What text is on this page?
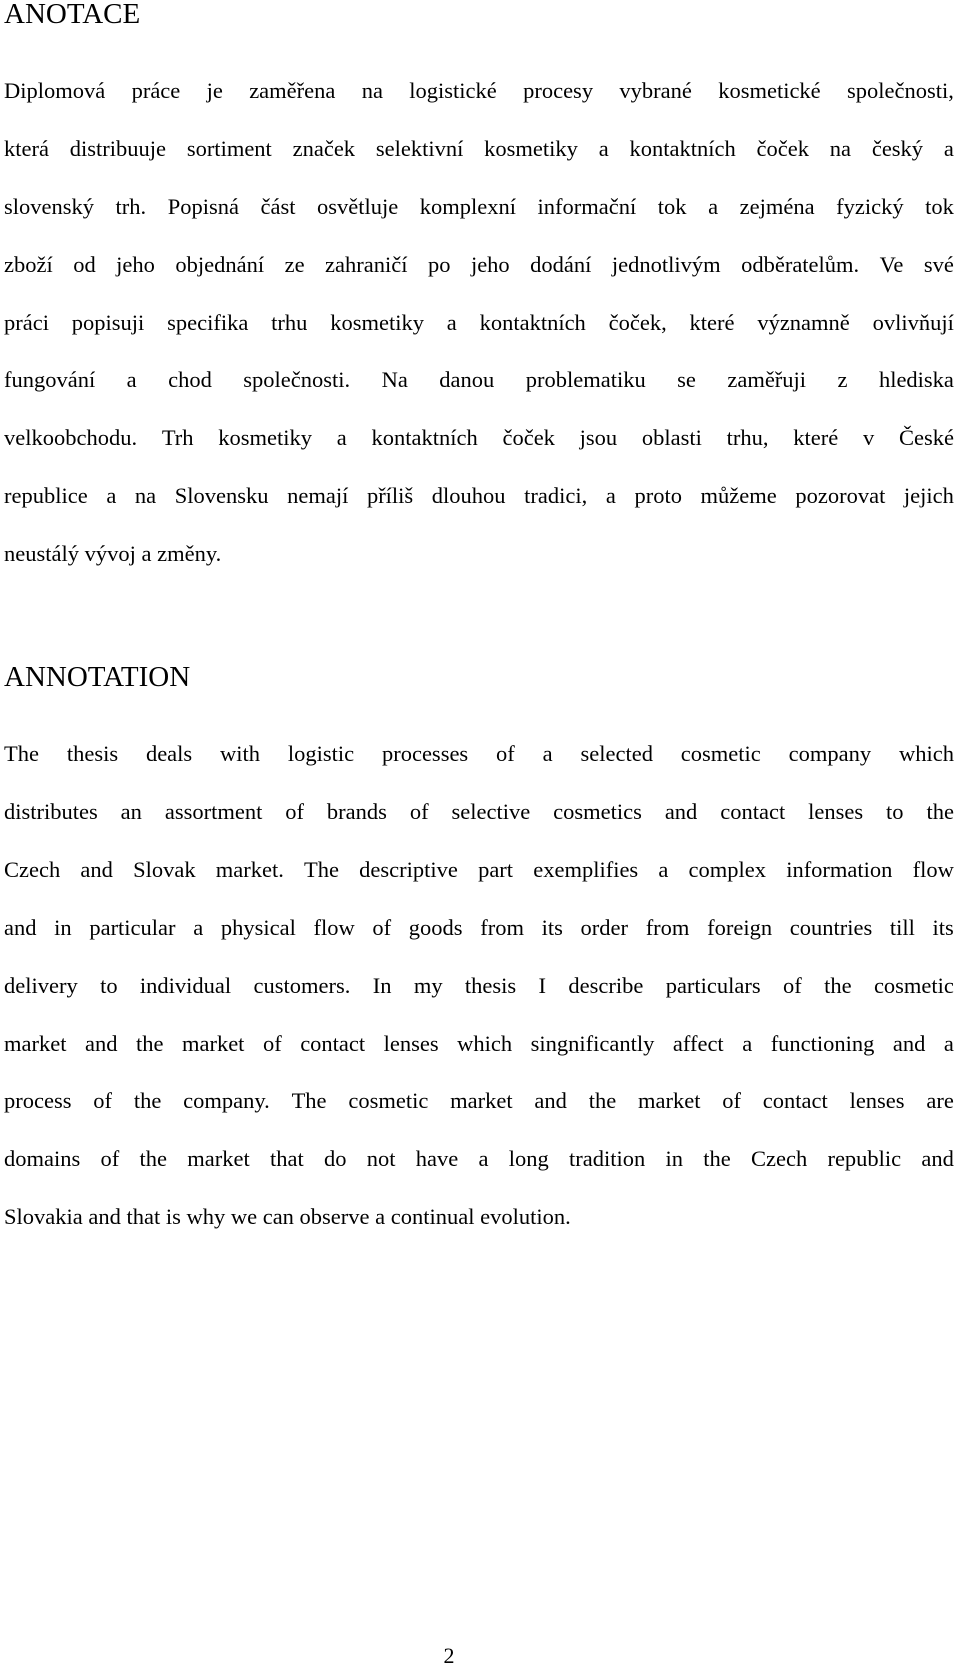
ANOTACE
Diplomová práce je zaměřena na logistické procesy vybrané kosmetické společnosti,
která distribuuje sortiment značek selektivní kosmetiky a kontaktních čoček na český a
slovenský trh. Popisná část osvětluje komplexní informační tok a zejména fyzický tok
zboží od jeho objednání ze zahraničí po jeho dodání jednotlivým odběratelům. Ve své
práci popisuji specifika trhu kosmetiky a kontaktních čoček, které významně ovlivňují
fungování a chod společnosti. Na danou problematiku se zaměřuji z hlediska
velkoobchodu. Trh kosmetiky a kontaktních čoček jsou oblasti trhu, které v České
republice a na Slovensku nemají příliš dlouhou tradici, a proto můžeme pozorovat jejich
neustálý vývoj a změny.
ANNOTATION
The thesis deals with logistic processes of a selected cosmetic company which
distributes an assortment of brands of selective cosmetics and contact lenses to the
Czech and Slovak market. The descriptive part exemplifies a complex information flow
and in particular a physical flow of goods from its order from foreign countries till its
delivery to individual customers. In my thesis I describe particulars of the cosmetic
market and the market of contact lenses which singnificantly affect a functioning and a
process of the company. The cosmetic market and the market of contact lenses are
domains of the market that do not have a long tradition in the Czech republic and
Slovakia and that is why we can observe a continual evolution.
2
